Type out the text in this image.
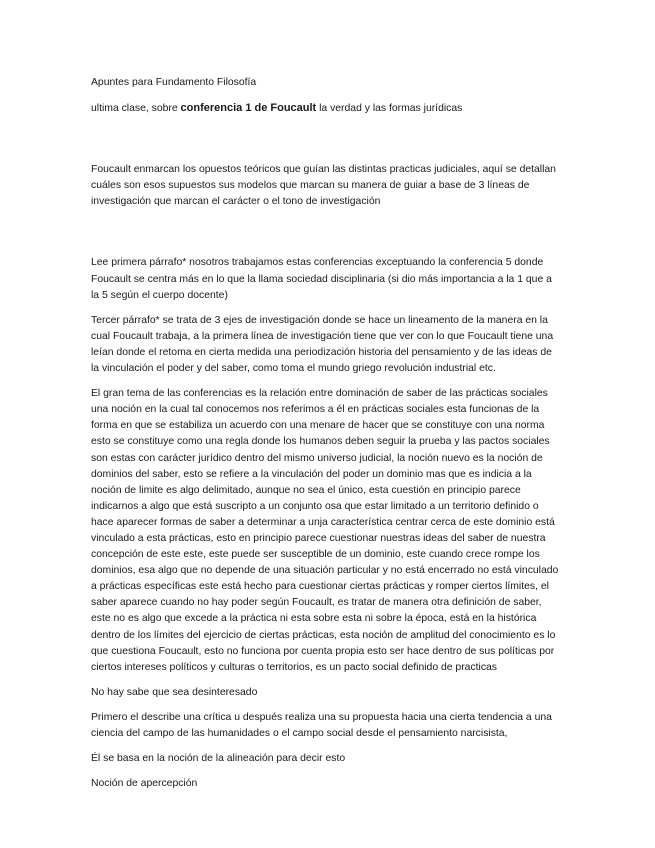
Apuntes para Fundamento Filosofía

ultima clase, sobre conferencia 1 de Foucault la verdad y las formas jurídicas

Foucault enmarcan los opuestos teóricos que guían las distintas practicas judiciales, aquí se detallan cuáles son esos supuestos sus modelos que marcan su manera de guiar a base de 3 líneas de investigación que marcan el carácter o el tono de investigación

Lee primera párrafo* nosotros trabajamos estas conferencias exceptuando la conferencia 5 donde Foucault se centra más en lo que la llama sociedad disciplinaria (si dio más importancia a la 1 que a la 5 según el cuerpo docente)

Tercer párrafo* se trata de 3 ejes de investigación donde se hace un lineamento de la manera en la cual Foucault trabaja, a la primera línea de investigación tiene que ver con lo que Foucault tiene una leían donde el retoma en cierta medida una periodización historia del pensamiento y de las ideas de la vinculación el poder y del saber, como toma el mundo griego revolución industrial etc.

El gran tema de las conferencias es la relación entre dominación de saber de las prácticas sociales una noción en la cual tal conocemos nos referimos a él en prácticas sociales esta funcionas de la forma en que se estabiliza un acuerdo con una menare de hacer que se constituye con una norma esto se constituye como una regla donde los humanos deben seguir la prueba y las pactos sociales son estas con carácter jurídico dentro del mismo universo judicial, la noción nuevo es la noción de dominios del saber, esto se refiere a la vinculación del poder un dominio mas que es indicia a la noción de limite es algo delimitado, aunque no sea el único, esta cuestión en principio parece indicarnos a algo que está suscripto a un conjunto osa que estar limitado a un territorio definido o hace aparecer formas de saber a determinar a unja característica centrar cerca de este dominio está vinculado a esta prácticas, esto en principio parece cuestionar nuestras ideas del saber de nuestra concepción de este este, este puede ser susceptible de un dominio, este cuando crece rompe los dominios, esa algo que no depende de una situación particular y no está encerrado no está vinculado a prácticas específicas este está hecho para cuestionar ciertas prácticas y romper ciertos límites, el saber aparece cuando no hay poder según Foucault, es tratar de manera otra definición de saber, este no es algo que excede a la práctica ni esta sobre esta ni sobre la época, está en la histórica dentro de los límites del ejercicio de ciertas prácticas, esta noción de amplitud del conocimiento es lo que cuestiona Foucault, esto no funciona por cuenta propia esto ser hace dentro de sus políticas por ciertos intereses políticos y culturas o territorios, es un pacto social definido de practicas

No hay sabe que sea desinteresado

Primero el describe una crítica u después realiza una su propuesta hacia una cierta tendencia a una ciencia del campo de las humanidades o el campo social desde el pensamiento narcisista,

Él se basa en la noción de la alineación para decir esto

Noción de apercepción
